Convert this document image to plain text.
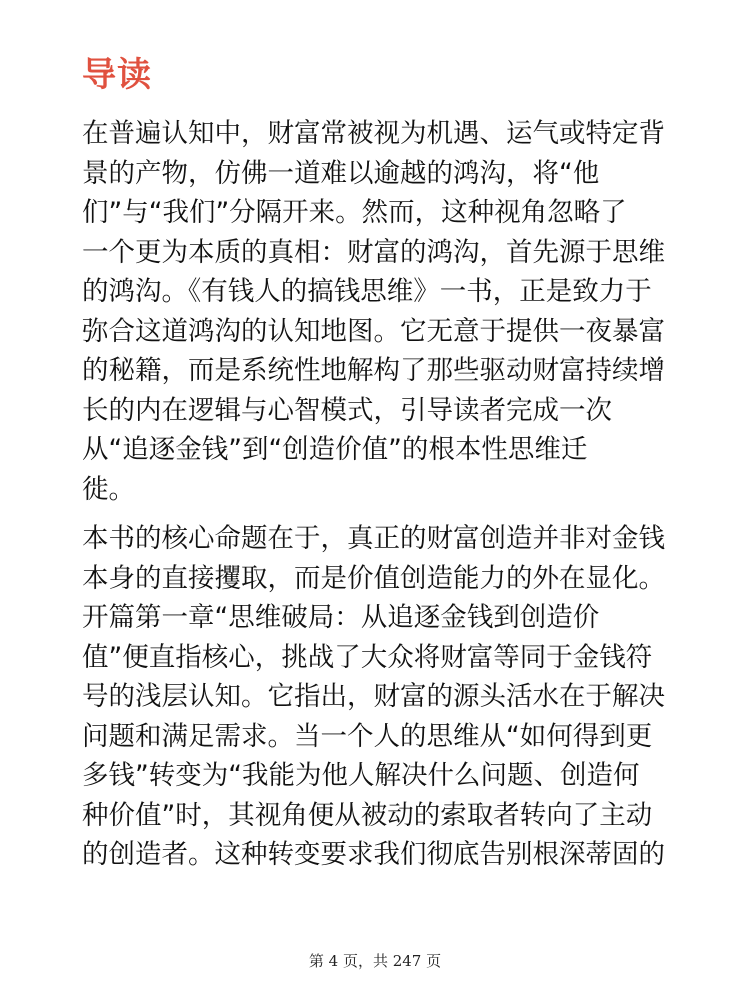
导读

在普遍认知中，财富常被视为机遇、运气或特定背
景的产物，仿佛一道难以逾越的鸿沟，将“他
们”与“我们”分隔开来。然而，这种视角忽略了
一个更为本质的真相：财富的鸿沟，首先源于思维
的鸿沟。《有钱人的搞钱思维》一书，正是致力于
弥合这道鸿沟的认知地图。它无意于提供一夜暴富
的秘籍，而是系统性地解构了那些驱动财富持续增
长的内在逻辑与心智模式，引导读者完成一次
从“追逐金钱”到“创造价值”的根本性思维迁
徙。

本书的核心命题在于，真正的财富创造并非对金钱
本身的直接攫取，而是价值创造能力的外在显化。
开篇第一章“思维破局：从追逐金钱到创造价
值”便直指核心，挑战了大众将财富等同于金钱符
号的浅层认知。它指出，财富的源头活水在于解决
问题和满足需求。当一个人的思维从“如何得到更
多钱”转变为“我能为他人解决什么问题、创造何
种价值”时，其视角便从被动的索取者转向了主动
的创造者。这种转变要求我们彻底告别根深蒂固的

第 4 页，共 247 页
